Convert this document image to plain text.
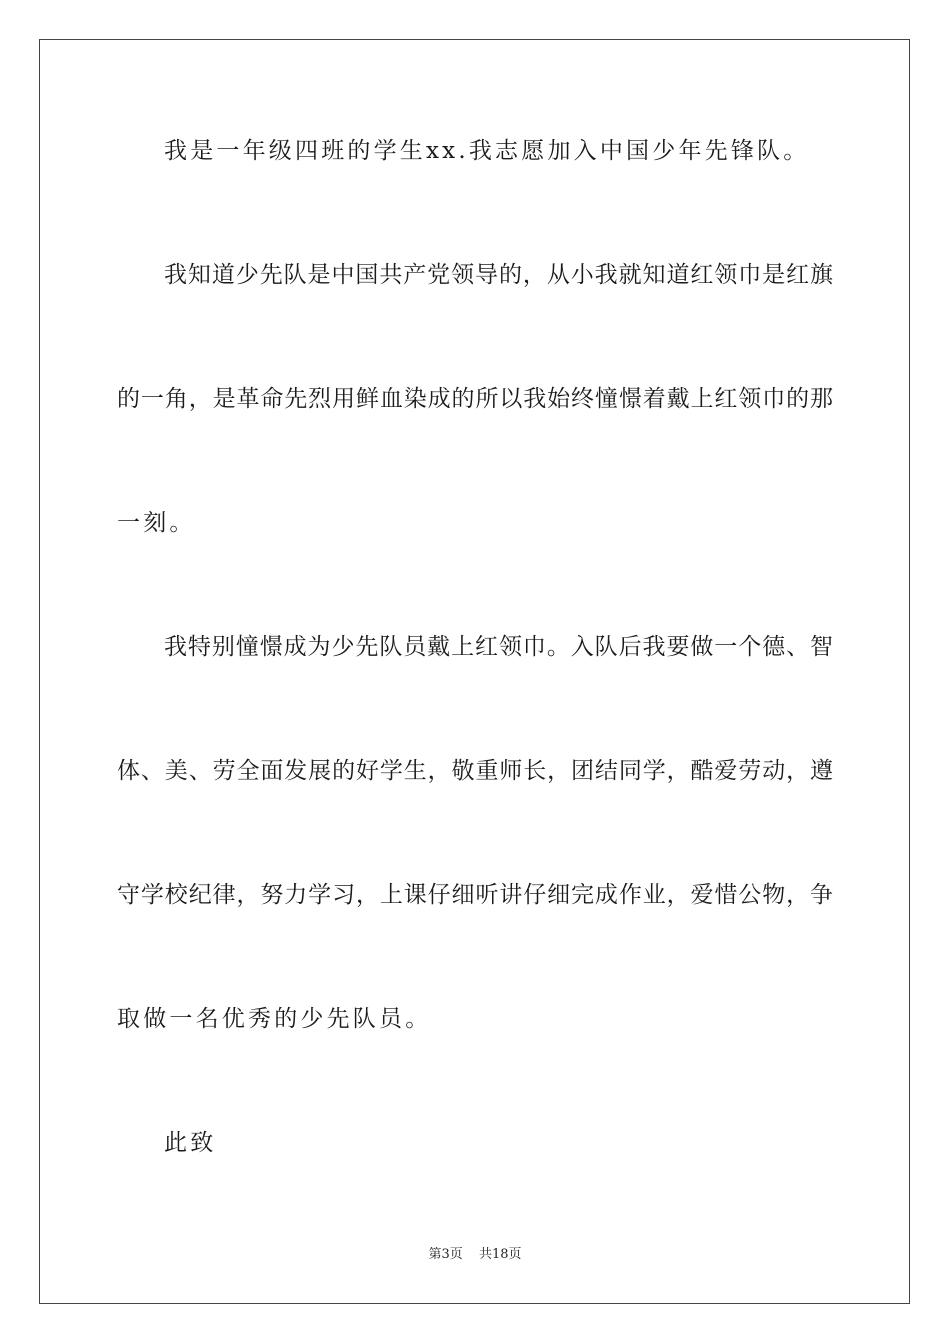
我是一年级四班的学生xx.我志愿加入中国少年先锋队。
我知道少先队是中国共产党领导的，从小我就知道红领巾是红旗
的一角，是革命先烈用鲜血染成的所以我始终憧憬着戴上红领巾的那
一刻。
我特别憧憬成为少先队员戴上红领巾。入队后我要做一个德、智
体、美、劳全面发展的好学生，敬重师长，团结同学，酷爱劳动，遵
守学校纪律，努力学习，上课仔细听讲仔细完成作业，爱惜公物，争
取做一名优秀的少先队员。
此致
第3页 共18页
